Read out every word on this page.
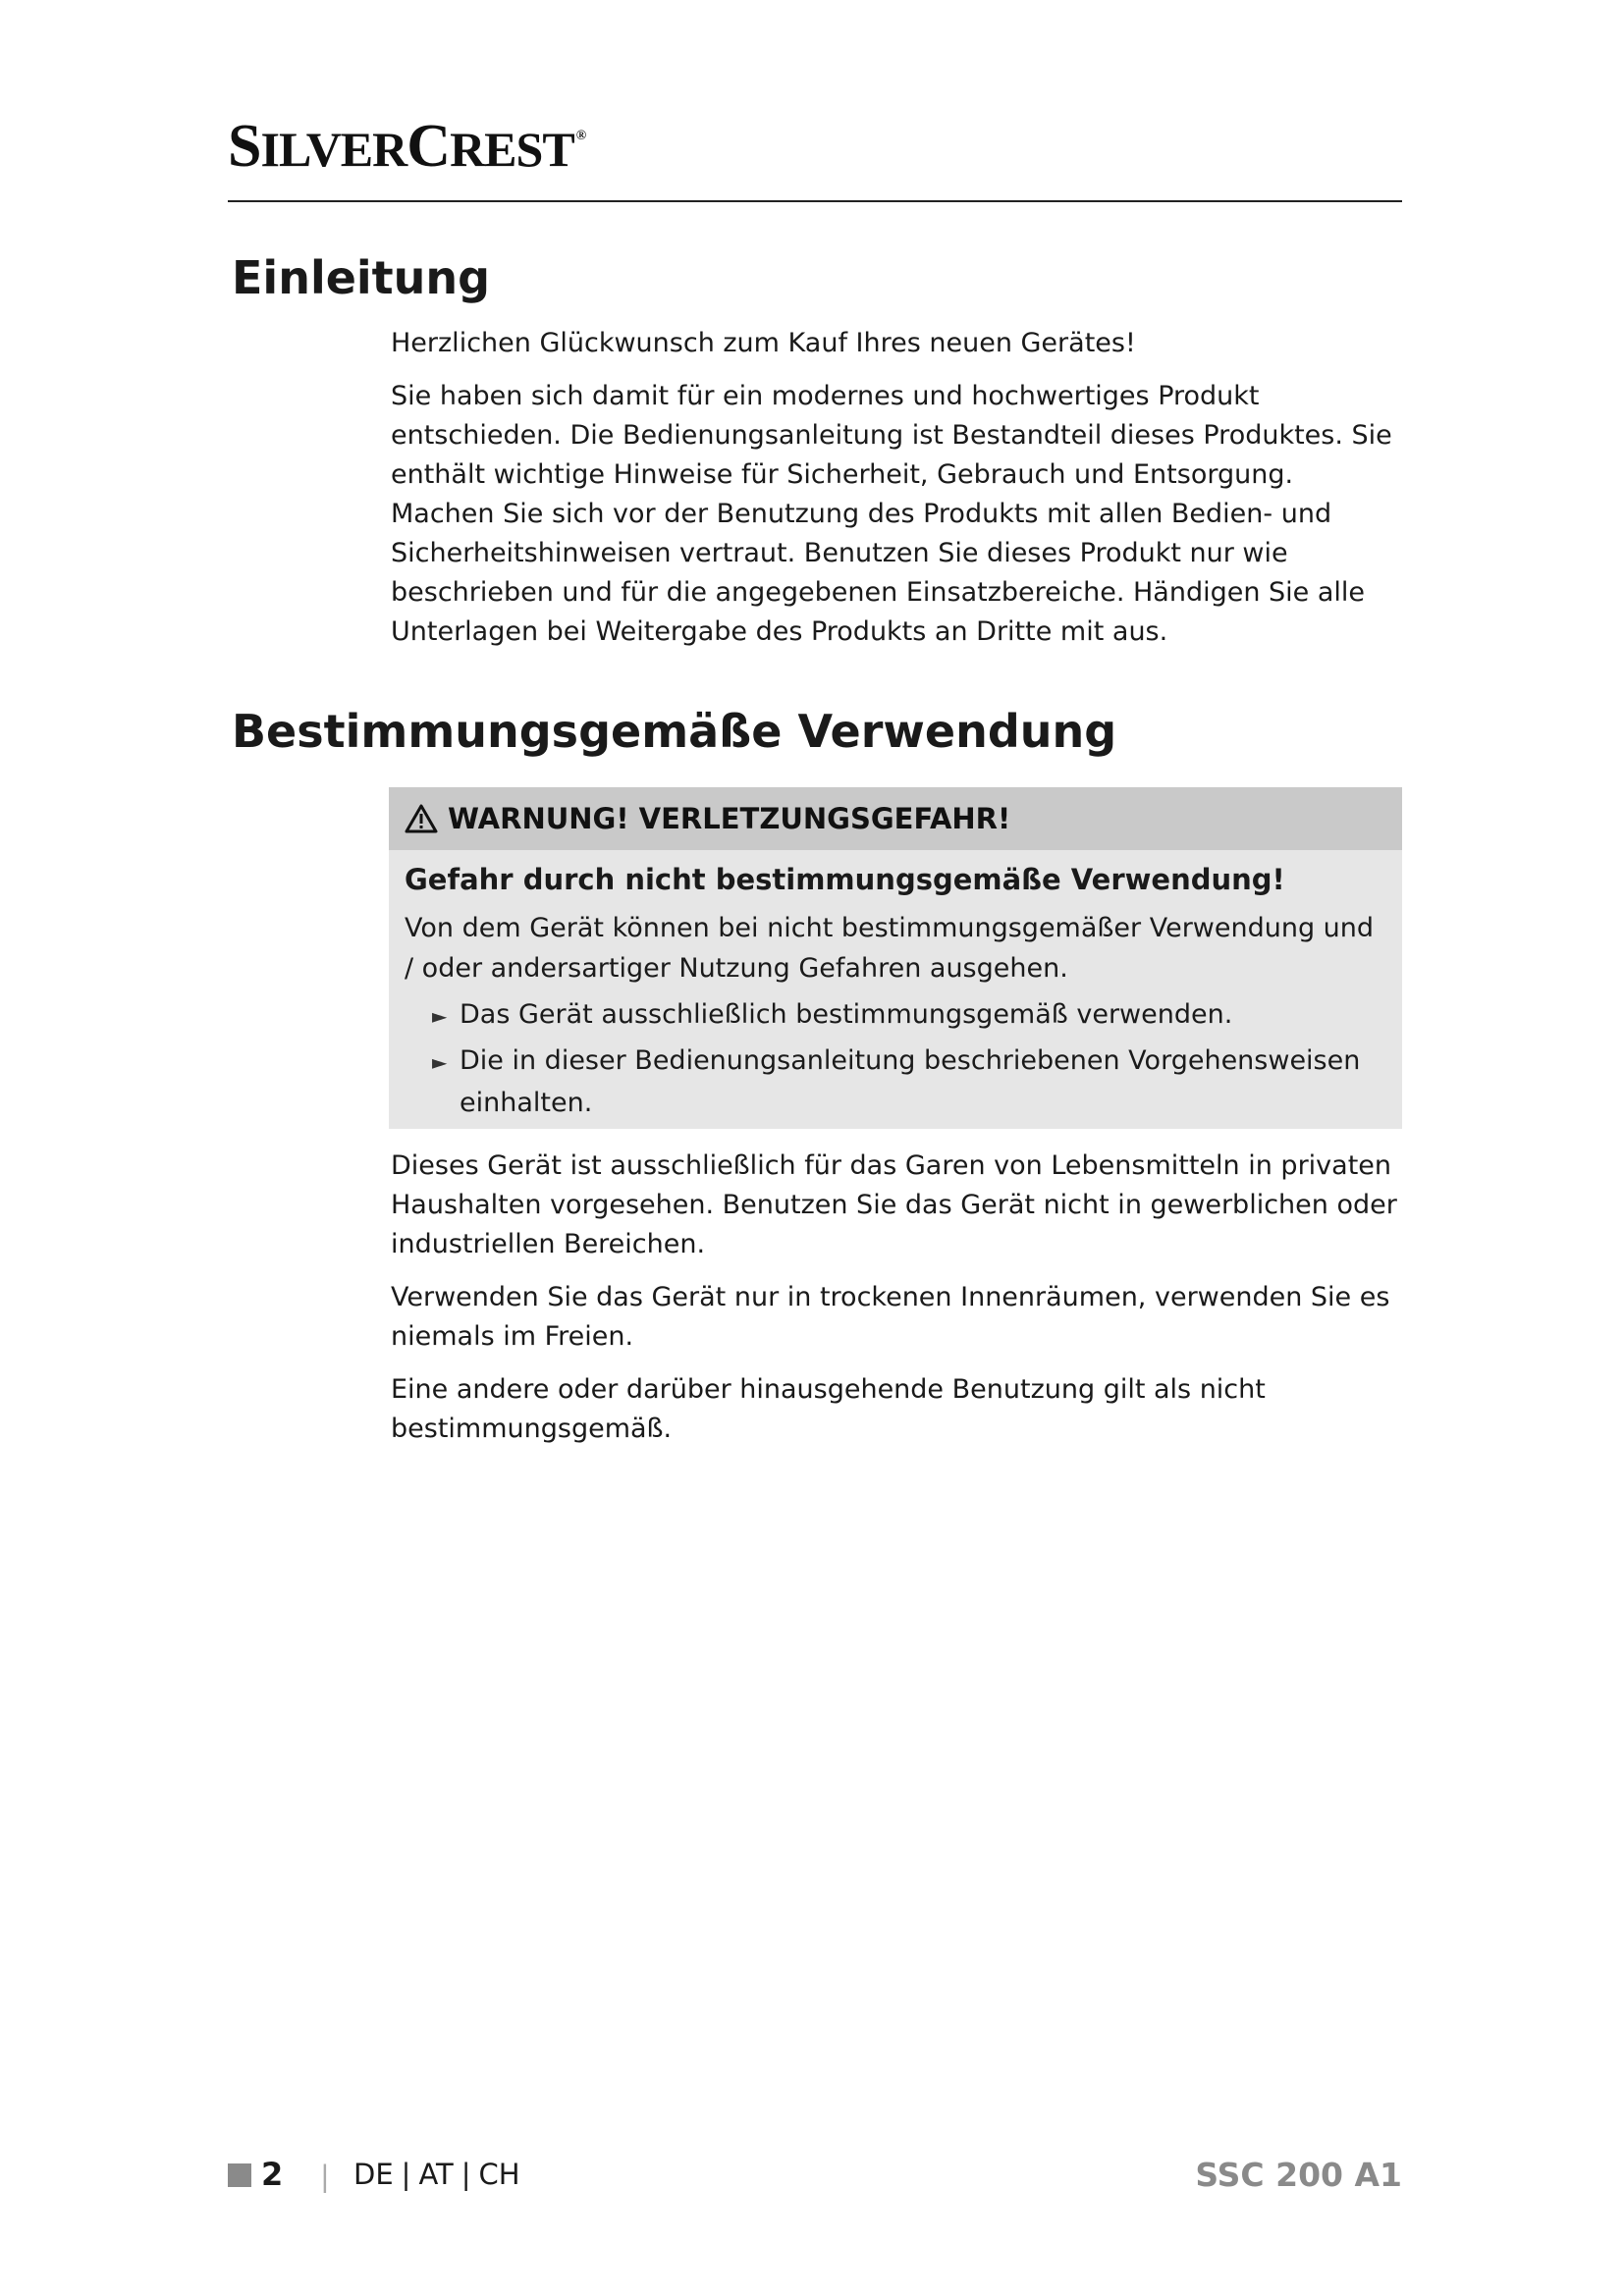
SILVERCREST ®
Einleitung

Herzlichen Glückwunsch zum Kauf Ihres neuen Gerätes!

Sie haben sich damit für ein modernes und hochwertiges Produkt entschieden. Die Bedienungsanleitung ist Bestandteil dieses Produktes. Sie enthält wichtige Hinweise für Sicherheit, Gebrauch und Entsorgung. Machen Sie sich vor der Benutzung des Produkts mit allen Bedien- und Sicherheitshinweisen vertraut. Benutzen Sie dieses Produkt nur wie beschrieben und für die angegebenen Einsatzbereiche. Händigen Sie alle Unterlagen bei Weitergabe des Produkts an Dritte mit aus.

Bestimmungsgemäße Verwendung
WARNUNG! VERLETZUNGSGEFAHR!
Gefahr durch nicht bestimmungsgemäße Verwendung!
Von dem Gerät können bei nicht bestimmungsgemäßer Verwendung und / oder andersartiger Nutzung Gefahren ausgehen.
► Das Gerät ausschließlich bestimmungsgemäß verwenden.
► Die in dieser Bedienungsanleitung beschriebenen Vorgehensweisen einhalten.

Dieses Gerät ist ausschließlich für das Garen von Lebensmitteln in privaten Haushalten vorgesehen. Benutzen Sie das Gerät nicht in gewerblichen oder industriellen Bereichen.

Verwenden Sie das Gerät nur in trockenen Innenräumen, verwenden Sie es niemals im Freien.

Eine andere oder darüber hinausgehende Benutzung gilt als nicht bestimmungsgemäß.

2 | DE | AT | CH	SSC 200 A1
